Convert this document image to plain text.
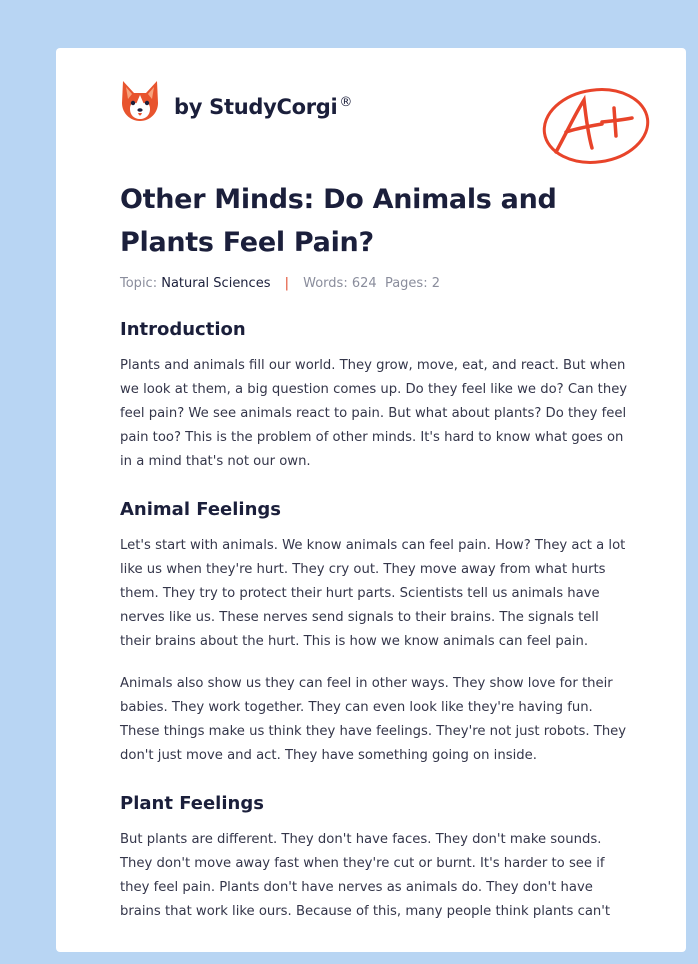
by StudyCorgi ®
A+
Other Minds: Do Animals and Plants Feel Pain?
Topic: Natural Sciences | Words: 624 Pages: 2
Introduction

Plants and animals fill our world. They grow, move, eat, and react. But when we look at them, a big question comes up. Do they feel like we do? Can they feel pain? We see animals react to pain. But what about plants? Do they feel pain too? This is the problem of other minds. It's hard to know what goes on in a mind that's not our own.

Animal Feelings

Let's start with animals. We know animals can feel pain. How? They act a lot like us when they're hurt. They cry out. They move away from what hurts them. They try to protect their hurt parts. Scientists tell us animals have nerves like us. These nerves send signals to their brains. The signals tell their brains about the hurt. This is how we know animals can feel pain.

Animals also show us they can feel in other ways. They show love for their babies. They work together. They can even look like they're having fun. These things make us think they have feelings. They're not just robots. They don't just move and act. They have something going on inside.

Plant Feelings

But plants are different. They don't have faces. They don't make sounds. They don't move away fast when they're cut or burnt. It's harder to see if they feel pain. Plants don't have nerves as animals do. They don't have brains that work like ours. Because of this, many people think plants can't
